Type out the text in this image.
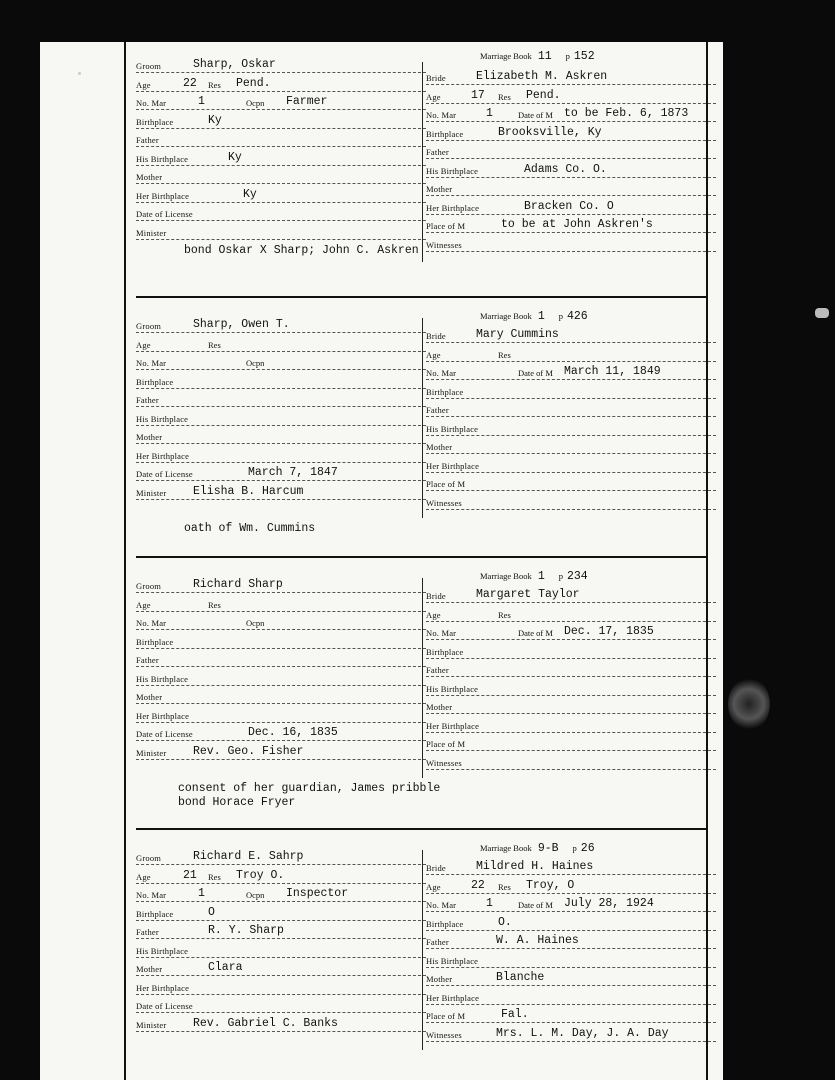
Groom	Sharp, Oskar
Age	22 Res Pend.
No. Mar	1	Ocpn Farmer
Birthplace	Ky
Father
His Birthplace	Ky
Mother
Her Birthplace	Ky
Date of License
Minister
Bride	Elizabeth M. Askren
Age	17 Res Pend.
No. Mar	1	Date of M to be Feb. 6, 1873
Birthplace	Brooksville, Ky
Father
His Birthplace	Adams Co. O.
Mother
Her Birthplace	Bracken Co. O
Place of M	to be at John Askren's
Witnesses
Marriage Book 11 p 152
bond Oskar X Sharp; John C. Askren
Groom	Sharp, Owen T.
Age	Res
No. Mar	Ocpn
Birthplace
Father
His Birthplace
Mother
Her Birthplace
Date of License	March 7, 1847
Minister Elisha B. Harcum
Bride	Mary Cummins
Age	Res
No. Mar	Date of M March 11, 1849
Birthplace
Father
His Birthplace
Mother
Her Birthplace
Place of M
Witnesses
Marriage Book 1 p 426
oath of Wm. Cummins
Groom	Richard Sharp
Age	Res
No. Mar	Ocpn
Birthplace
Father
His Birthplace
Mother
Her Birthplace
Date of License	Dec. 16, 1835
Minister Rev. Geo. Fisher
Bride	Margaret Taylor
Age	Res
No. Mar	Date of M Dec. 17, 1835
Birthplace
Father
His Birthplace
Mother
Her Birthplace
Place of M
Witnesses
Marriage Book 1 p 234
consent of her guardian, James pribble
bond Horace Fryer
Groom	Richard E. Sahrp
Age	21 Res Troy O.
No. Mar	1	Ocpn Inspector
Birthplace	O
Father	R. Y. Sharp
His Birthplace
Mother	Clara
Her Birthplace
Date of License
Minister Rev. Gabriel C. Banks
Bride	Mildred H. Haines
Age	22 Res Troy, O
No. Mar	1	Date of M July 28, 1924
Birthplace	O.
Father	W. A. Haines
His Birthplace
Mother	Blanche
Her Birthplace
Place of M	Fal.
Witnesses	Mrs. L. M. Day, J. A. Day
Marriage Book 9-B p 26
